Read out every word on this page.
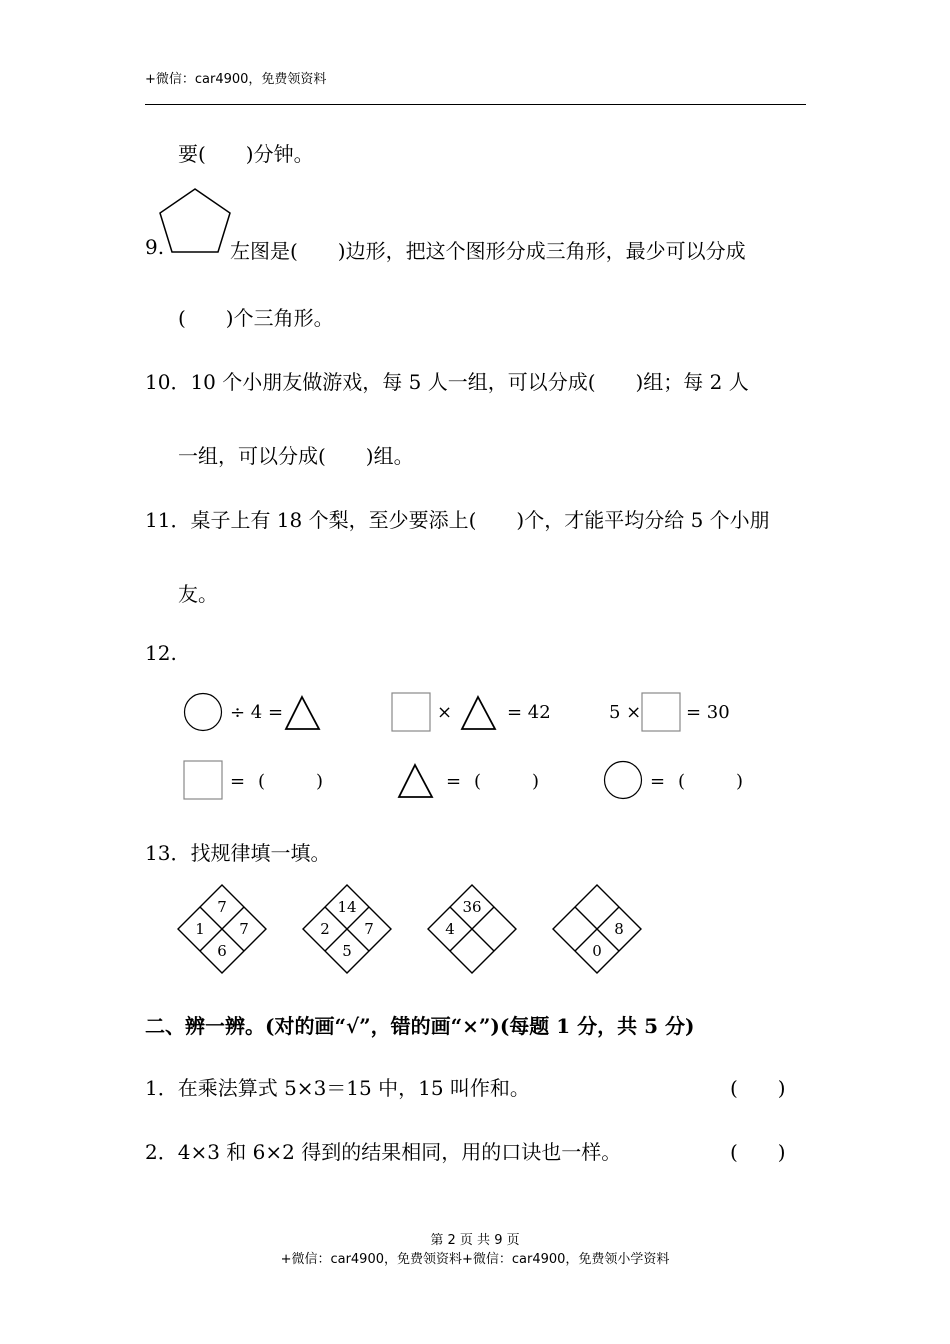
+微信：car4900，免费领资料
要(　　)分钟。
9.	左图是(　　)边形，把这个图形分成三角形，最少可以分成
(　　)个三角形。
10．10 个小朋友做游戏，每 5 人一组，可以分成(　　)组；每 2 人
一组，可以分成(　　)组。
11．桌子上有 18 个梨，至少要添上(　　)个，才能平均分给 5 个小朋
友。
12.
÷ 4 =	×	= 42	5 × = 30
= (	)	= (	)	= (	)
13．找规律填一填。
7
1 7
6
14
2 7
5
36
4	8
0
二、辨一辨。(对的画“√”，错的画“×”)(每题 1 分，共 5 分)
1．在乘法算式 5×3＝15 中，15 叫作和。	(　　)
2．4×3 和 6×2 得到的结果相同，用的口诀也一样。	(　　)
第 2 页 共 9 页
+微信：car4900，免费领资料+微信：car4900，免费领小学资料
